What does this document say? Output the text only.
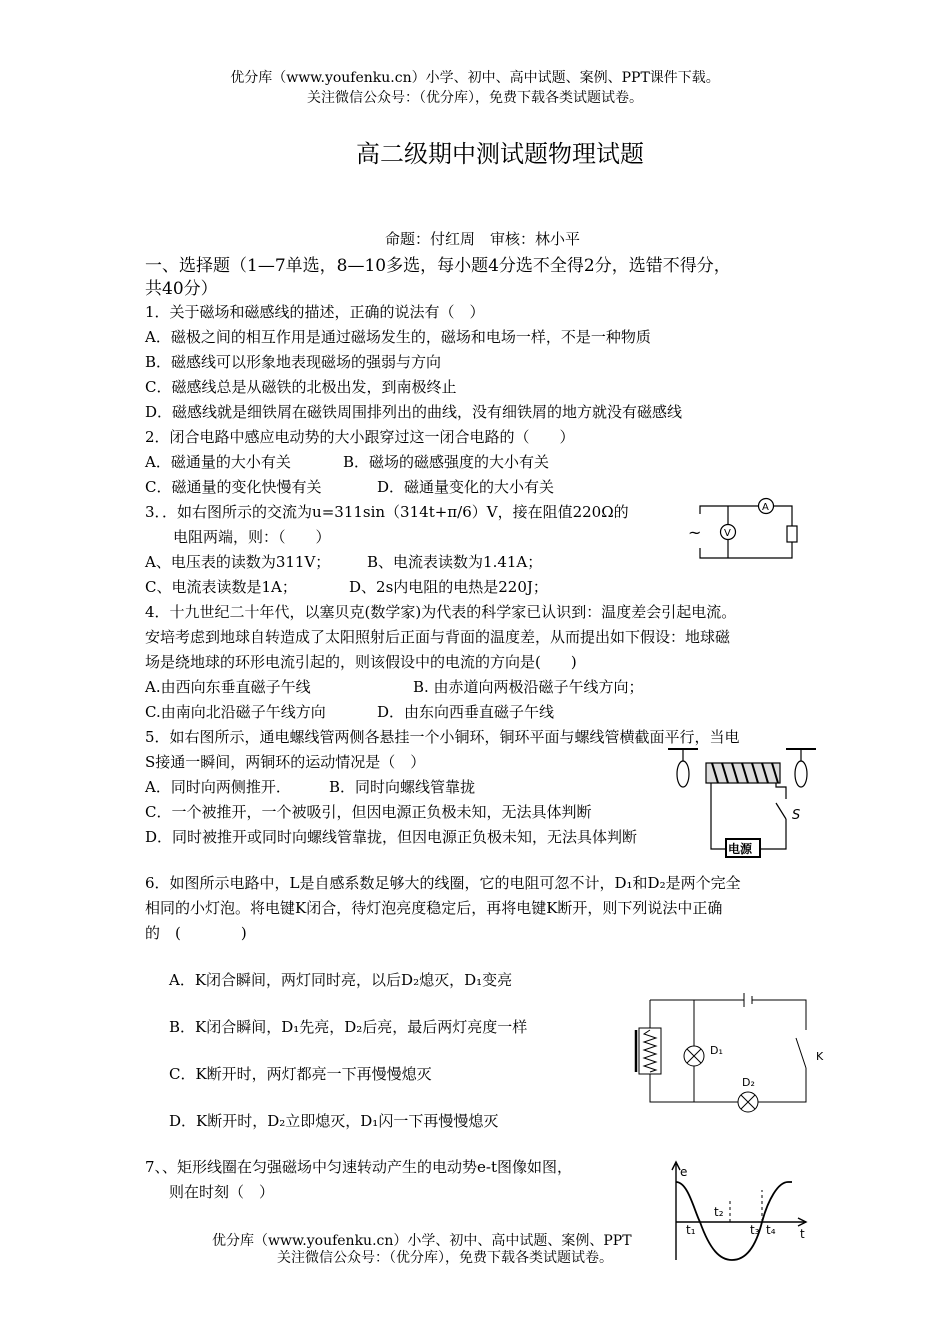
优分库（www.youfenku.cn）小学、初中、高中试题、案例、PPT课件下载。
关注微信公众号：（优分库），免费下载各类试题试卷。
高二级期中测试题物理试题
命题：付红周　审核：林小平
一、选择题（1—7单选，8—10多选，每小题4分选不全得2分，选错不得分，
共40分）
1．关于磁场和磁感线的描述，正确的说法有（　）
A．磁极之间的相互作用是通过磁场发生的，磁场和电场一样，不是一种物质
B．磁感线可以形象地表现磁场的强弱与方向
C．磁感线总是从磁铁的北极出发，到南极终止
D．磁感线就是细铁屑在磁铁周围排列出的曲线，没有细铁屑的地方就没有磁感线
2．闭合电路中感应电动势的大小跟穿过这一闭合电路的（　　）
A．磁通量的大小有关	B．磁场的磁感强度的大小有关
C．磁通量的变化快慢有关	D．磁通量变化的大小有关
3．．如右图所示的交流为u=311sin（314t+π/6）V，接在阻值220Ω的
电阻两端，则：（　　）
A、电压表的读数为311V； B、电流表读数为1.41A；
C、电流表读数是1A；	D、2s内电阻的电热是220J；
~
A
V
4．十九世纪二十年代，以塞贝克(数学家)为代表的科学家已认识到：温度差会引起电流。
安培考虑到地球自转造成了太阳照射后正面与背面的温度差，从而提出如下假设：地球磁
场是绕地球的环形电流引起的，则该假设中的电流的方向是(　　)
A.由西向东垂直磁子午线	B. 由赤道向两极沿磁子午线方向；
C.由南向北沿磁子午线方向	D．由东向西垂直磁子午线
5．如右图所示，通电螺线管两侧各悬挂一个小铜环，铜环平面与螺线管横截面平行，当电
S接通一瞬间，两铜环的运动情况是（　）
A．同时向两侧推开．	B．同时向螺线管靠拢
C．一个被推开，一个被吸引，但因电源正负极未知，无法具体判断
D．同时被推开或同时向螺线管靠拢，但因电源正负极未知，无法具体判断
S
电源
6．如图所示电路中，L是自感系数足够大的线圈，它的电阻可忽不计，D₁和D₂是两个完全
相同的小灯泡。将电键K闭合，待灯泡亮度稳定后，再将电键K断开，则下列说法中正确
的　(　　　　)
A．K闭合瞬间，两灯同时亮，以后D₂熄灭，D₁变亮
B．K闭合瞬间，D₁先亮，D₂后亮，最后两灯亮度一样
C．K断开时，两灯都亮一下再慢慢熄灭
D．K断开时，D₂立即熄灭，D₁闪一下再慢慢熄灭
D₁
D₂
K
7、、矩形线圈在匀强磁场中匀速转动产生的电动势e-t图像如图，
则在时刻（　）
e
t
t₁
t₂
t₃ t₄
优分库（www.youfenku.cn）小学、初中、高中试题、案例、PPT
关注微信公众号：（优分库），免费下载各类试题试卷。
